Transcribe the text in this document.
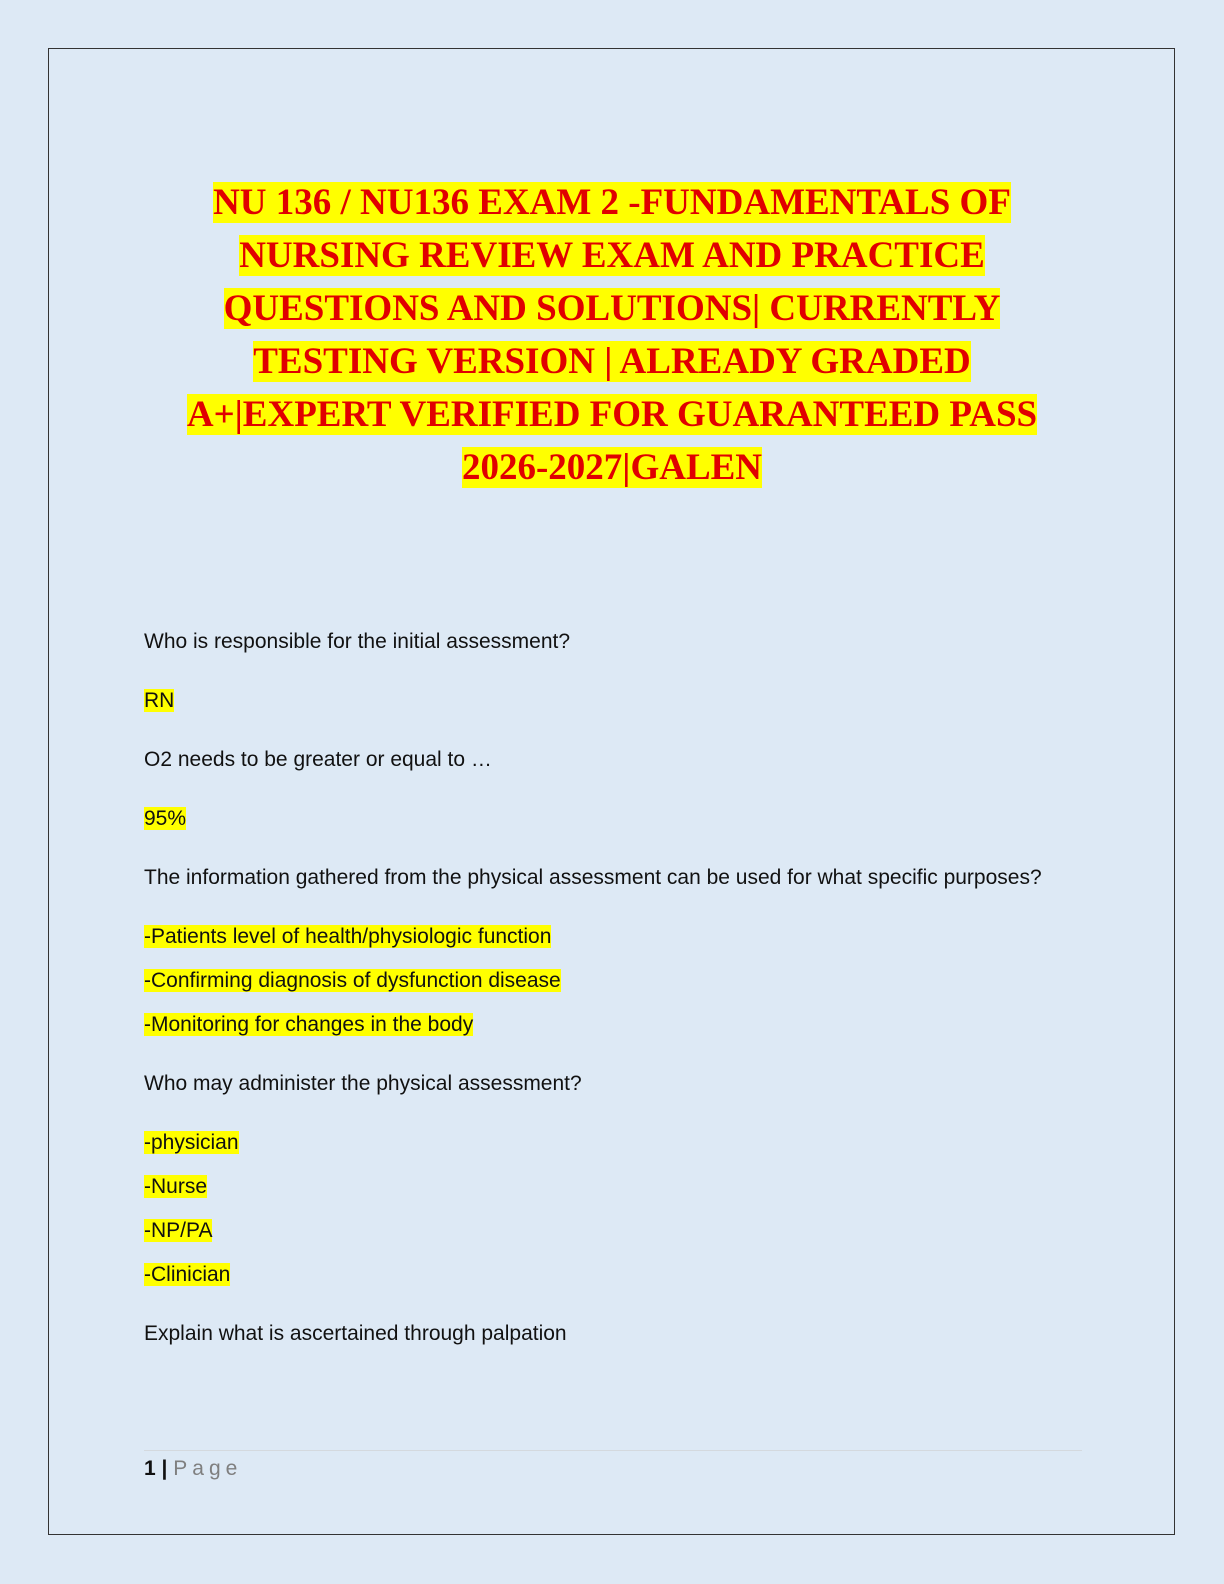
NU 136 / NU136 EXAM 2 -FUNDAMENTALS OF
NURSING REVIEW EXAM AND PRACTICE
QUESTIONS AND SOLUTIONS| CURRENTLY
TESTING VERSION | ALREADY GRADED
A+|EXPERT VERIFIED FOR GUARANTEED PASS
2026-2027|GALEN
Who is responsible for the initial assessment?
RN
O2 needs to be greater or equal to …
95%
The information gathered from the physical assessment can be used for what specific purposes?
-Patients level of health/physiologic function
-Confirming diagnosis of dysfunction disease
-Monitoring for changes in the body
Who may administer the physical assessment?
-physician
-Nurse
-NP/PA
-Clinician
Explain what is ascertained through palpation
1 | Page
